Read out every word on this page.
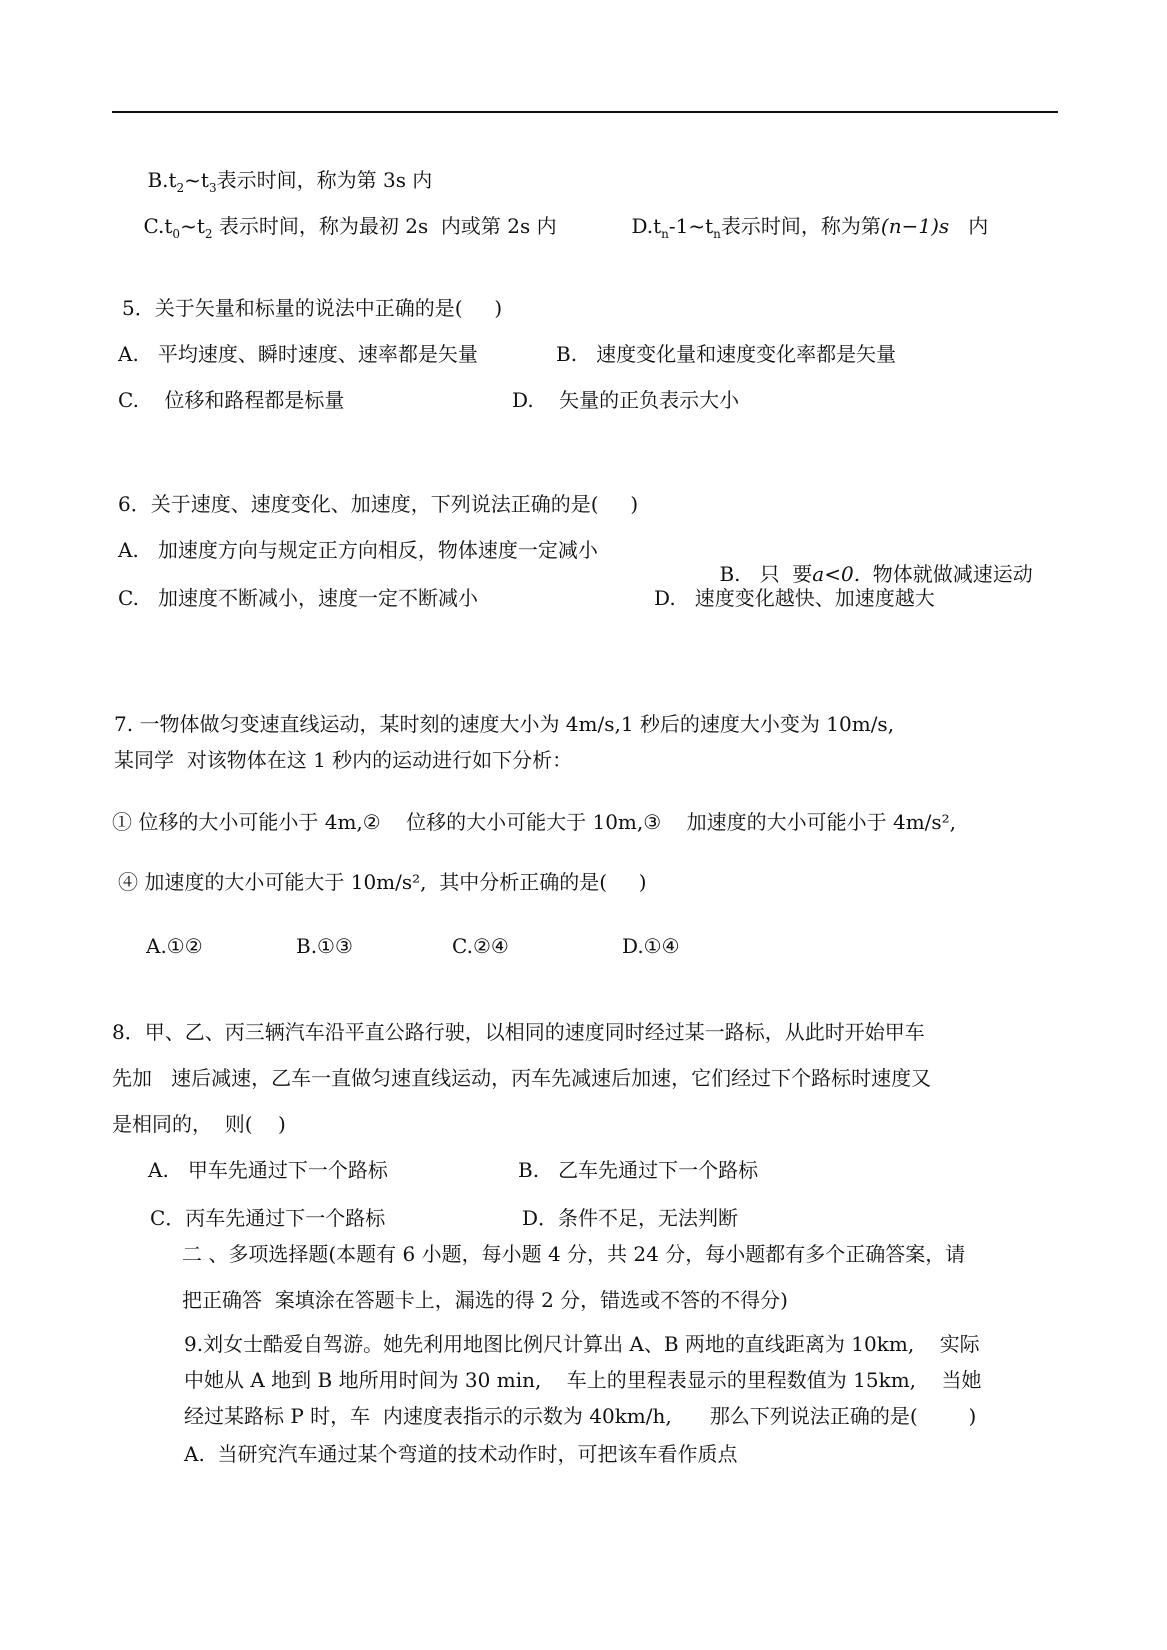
$B.t_2\sim t_3$表示时间，称为第 3s 内

$C.t_0\sim t_2$ 表示时间，称为最初 2s  内或第 2s 内
	$D.t_n-1\sim t_n$表示时间，称为第(n−1)s   内

5．关于矢量和标量的说法中正确的是(     )
A.   平均速度、瞬时速度、速率都是矢量	B.   速度变化量和速度变化率都是矢量
C.    位移和路程都是标量	D.    矢量的正负表示大小
6．关于速度、速度变化、加速度，下列说法正确的是(     )
A.   加速度方向与规定正方向相反，物体速度一定减小

B.   只  要a<0.  物体就做减速运动

C.   加速度不断减小，速度一定不断减小	D.   速度变化越快、加速度越大
7. 一物体做匀变速直线运动，某时刻的速度大小为 4m/s,1 秒后的速度大小变为 10m/s,
某同学  对该物体在这 1 秒内的运动进行如下分析：
① 位移的大小可能小于 4m,②    位移的大小可能大于 10m,③    加速度的大小可能小于 4m/s²,
④ 加速度的大小可能大于 10m/s²,  其中分析正确的是(     )
A.①②	B.①③	C.②④	D.①④
8．甲、乙、丙三辆汽车沿平直公路行驶，以相同的速度同时经过某一路标，从此时开始甲车
先加   速后减速，乙车一直做匀速直线运动，丙车先减速后加速，它们经过下个路标时速度又
是相同的，  则(    )
A.   甲车先通过下一个路标	B.   乙车先通过下一个路标
C．丙车先通过下一个路标	D．条件不足，无法判断
二 、多项选择题(本题有 6 小题，每小题 4 分，共 24 分，每小题都有多个正确答案，请
把正确答  案填涂在答题卡上，漏选的得 2 分，错选或不答的不得分)
9.刘女士酷爱自驾游。她先利用地图比例尺计算出 A、B 两地的直线距离为 10km,    实际
中她从 A 地到 B 地所用时间为 30 min,    车上的里程表显示的里程数值为 15km,    当她
经过某路标 P 时，车  内速度表指示的示数为 40km/h,      那么下列说法正确的是(        )
A.  当研究汽车通过某个弯道的技术动作时，可把该车看作质点
